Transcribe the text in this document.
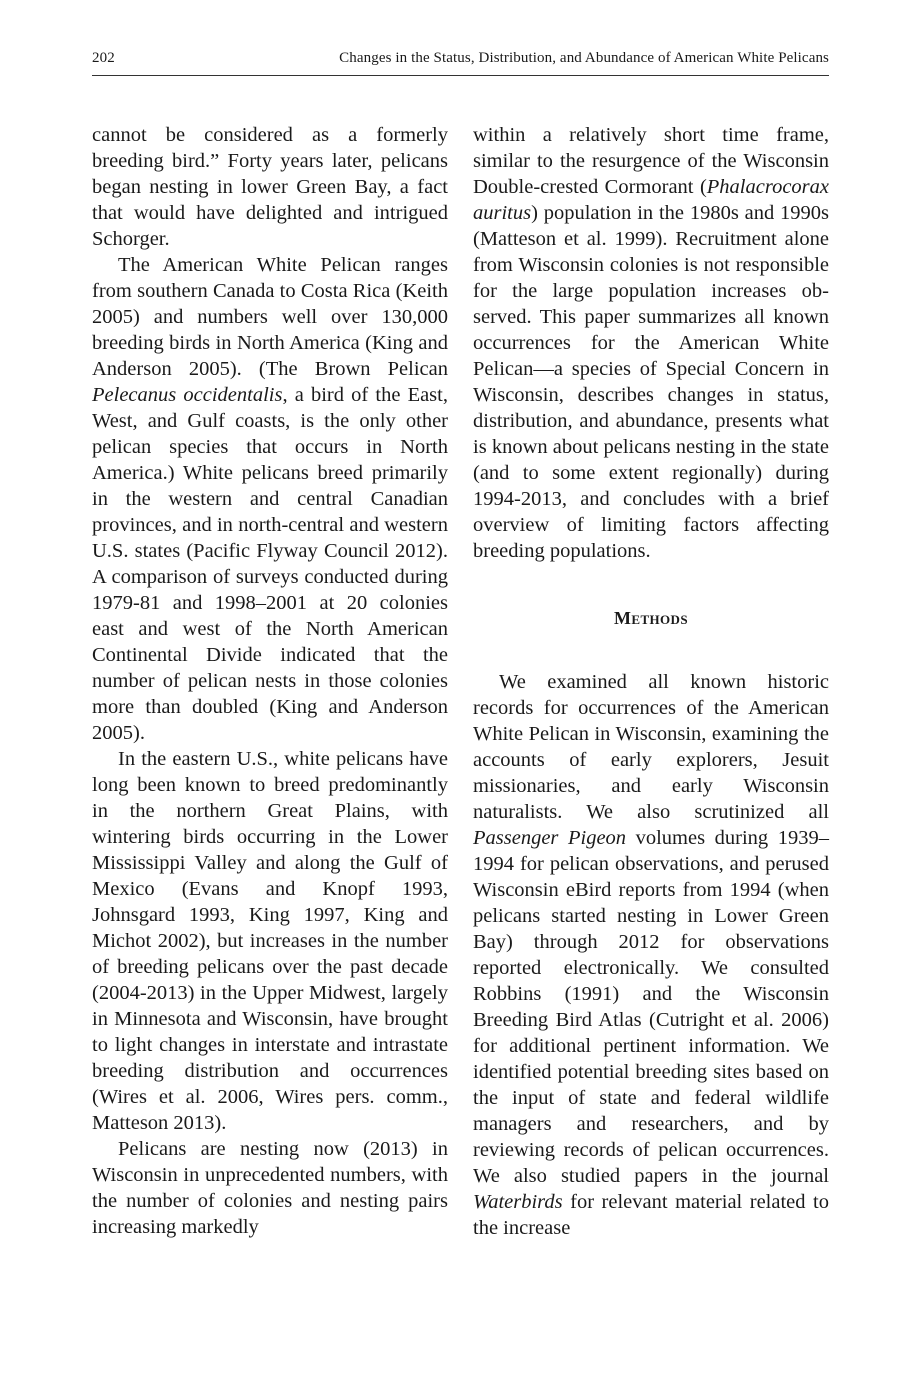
202	Changes in the Status, Distribution, and Abundance of American White Pelicans

cannot be considered as a formerly breeding bird.” Forty years later, pelicans began nesting in lower Green Bay, a fact that would have delighted and intrigued Schorger.

The American White Pelican ranges from southern Canada to Costa Rica (Keith 2005) and numbers well over 130,000 breeding birds in North America (King and Anderson 2005). (The Brown Pelican Pelecanus occidentalis, a bird of the East, West, and Gulf coasts, is the only other pelican species that occurs in North America.) White pelicans breed primarily in the western and central Canadian provinces, and in north-central and western U.S. states (Pacific Flyway Council 2012). A comparison of surveys conducted during 1979-81 and 1998–2001 at 20 colonies east and west of the North American Continental Divide indicated that the number of pelican nests in those colonies more than doubled (King and Anderson 2005).

In the eastern U.S., white pelicans have long been known to breed predominantly in the northern Great Plains, with wintering birds occurring in the Lower Mississippi Valley and along the Gulf of Mexico (Evans and Knopf 1993, Johnsgard 1993, King 1997, King and Michot 2002), but increases in the number of breeding pelicans over the past decade (2004-2013) in the Upper Midwest, largely in Minnesota and Wisconsin, have brought to light changes in interstate and intrastate breeding distribution and occurrences (Wires et al. 2006, Wires pers. comm., Matteson 2013).

Pelicans are nesting now (2013) in Wisconsin in unprecedented numbers, with the number of colonies and nesting pairs increasing markedly

within a relatively short time frame, similar to the resurgence of the Wisconsin Double-crested Cormorant (Phalacrocorax auritus) population in the 1980s and 1990s (Matteson et al. 1999). Recruitment alone from Wisconsin colonies is not responsible for the large population increases observed. This paper summarizes all known occurrences for the American White Pelican—a species of Special Concern in Wisconsin, describes changes in status, distribution, and abundance, presents what is known about pelicans nesting in the state (and to some extent regionally) during 1994-2013, and concludes with a brief overview of limiting factors affecting breeding populations.

Methods

We examined all known historic records for occurrences of the American White Pelican in Wisconsin, examining the accounts of early explorers, Jesuit missionaries, and early Wisconsin naturalists. We also scrutinized all Passenger Pigeon volumes during 1939–1994 for pelican observations, and perused Wisconsin eBird reports from 1994 (when pelicans started nesting in Lower Green Bay) through 2012 for observations reported electronically. We consulted Robbins (1991) and the Wisconsin Breeding Bird Atlas (Cutright et al. 2006) for additional pertinent information. We identified potential breeding sites based on the input of state and federal wildlife managers and researchers, and by reviewing records of pelican occurrences. We also studied papers in the journal Waterbirds for relevant material related to the increase
